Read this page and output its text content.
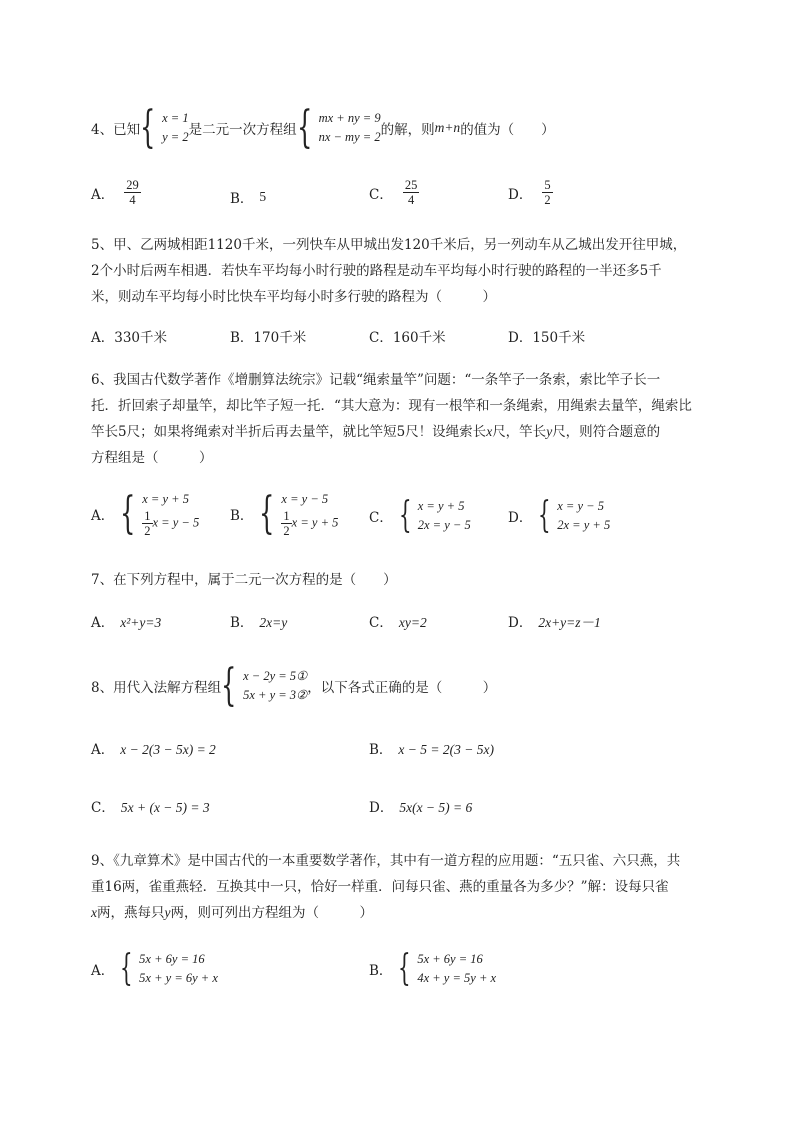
4、已知 { x = 1
y = 2 是二元一次方程组 { mx + ny = 9
nx − my = 2 的解，则 m+n 的值为（　　）
A． $\frac{29}{4}$	B． 5	C． $\frac{25}{4}$	D． $\frac{5}{2}$
5、甲、乙两城相距1120千米，一列快车从甲城出发120千米后，另一列动车从乙城出发开往甲城，
2个小时后两车相遇．若快车平均每小时行驶的路程是动车平均每小时行驶的路程的一半还多5千
米，则动车平均每小时比快车平均每小时多行驶的路程为（　　　）
A．330千米	B．170千米	C．160千米	D．150千米
6、我国古代数学著作《增删算法统宗》记载“绳索量竿”问题：“一条竿子一条索，索比竿子长一
托．折回索子却量竿，却比竿子短一托．“其大意为：现有一根竿和一条绳索，用绳索去量竿，绳索比
竿长5尺；如果将绳索对半折后再去量竿，就比竿短5尺！设绳索长x尺，竿长y尺，则符合题意的
方程组是（　　　）
A． { x = y + 5
$\frac{1}{2}$ x = y − 5 B． { x = y − 5
$\frac{1}{2}$ x = y + 5 C． { x = y + 5
2x = y − 5	D． { x = y − 5
2x = y + 5
7、在下列方程中，属于二元一次方程的是（　　）
A． x²+y=3	B． 2x=y	C． xy=2	D． 2x+y=z－1
8、用代入法解方程组 { x − 2y = 5①
5x + y = 3② ，以下各式正确的是（　　　）
A． x − 2(3 − 5x) = 2	B． x − 5 = 2(3 − 5x)
C． 5x + (x − 5) = 3	D． 5x(x − 5) = 6
9、《九章算术》是中国古代的一本重要数学著作，其中有一道方程的应用题：“五只雀、六只燕，共
重16两，雀重燕轻．互换其中一只，恰好一样重．问每只雀、燕的重量各为多少？”解：设每只雀
x两，燕每只y两，则可列出方程组为（　　　）
A． { 5x + 6y = 16
5x + y = 6y + x	B． { 5x + 6y = 16
4x + y = 5y + x
